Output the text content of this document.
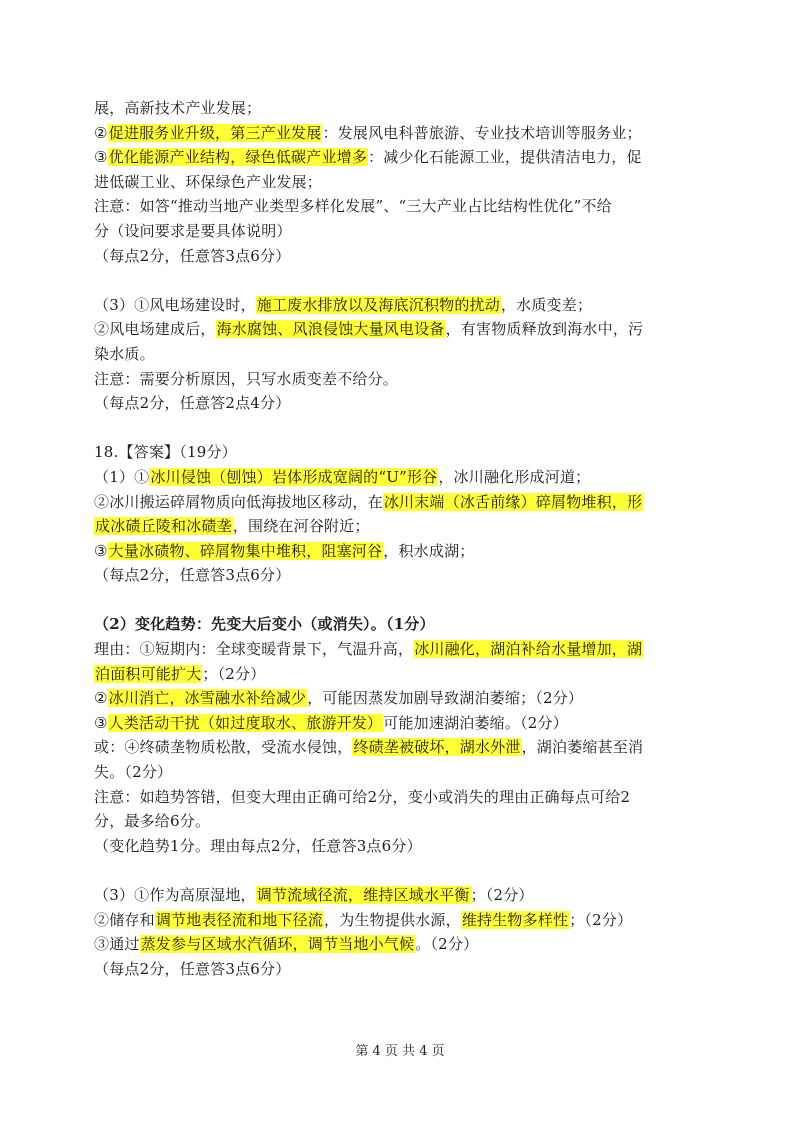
展，高新技术产业发展；
②促进服务业升级，第三产业发展：发展风电科普旅游、专业技术培训等服务业；
③优化能源产业结构，绿色低碳产业增多：减少化石能源工业，提供清洁电力，促
进低碳工业、环保绿色产业发展；
注意：如答“推动当地产业类型多样化发展”、“三大产业占比结构性优化”不给
分（设问要求是要具体说明）
（每点2分，任意答3点6分）
（3）①风电场建设时，施工废水排放以及海底沉积物的扰动，水质变差；
②风电场建成后，海水腐蚀、风浪侵蚀大量风电设备，有害物质释放到海水中，污
染水质。
注意：需要分析原因，只写水质变差不给分。
（每点2分，任意答2点4分）
18.【答案】（19分）
（1）①冰川侵蚀（刨蚀）岩体形成宽阔的“U”形谷，冰川融化形成河道；
②冰川搬运碎屑物质向低海拔地区移动，在冰川末端（冰舌前缘）碎屑物堆积，形
成冰碛丘陵和冰碛垄，围绕在河谷附近；
③大量冰碛物、碎屑物集中堆积，阻塞河谷，积水成湖；
（每点2分，任意答3点6分）
（2）变化趋势：先变大后变小（或消失）。（1分）
理由：①短期内：全球变暖背景下，气温升高，冰川融化，湖泊补给水量增加，湖
泊面积可能扩大；（2分）
②冰川消亡，冰雪融水补给减少，可能因蒸发加剧导致湖泊萎缩；（2分）
③人类活动干扰（如过度取水、旅游开发）可能加速湖泊萎缩。（2分）
或：④终碛垄物质松散，受流水侵蚀，终碛垄被破坏，湖水外泄，湖泊萎缩甚至消
失。（2分）
注意：如趋势答错，但变大理由正确可给2分，变小或消失的理由正确每点可给2
分，最多给6分。
（变化趋势1分。理由每点2分，任意答3点6分）
（3）①作为高原湿地，调节流域径流，维持区域水平衡；（2分）
②储存和调节地表径流和地下径流，为生物提供水源，维持生物多样性；（2分）
③通过蒸发参与区域水汽循环，调节当地小气候。（2分）
（每点2分，任意答3点6分）
第 4 页 共 4 页
